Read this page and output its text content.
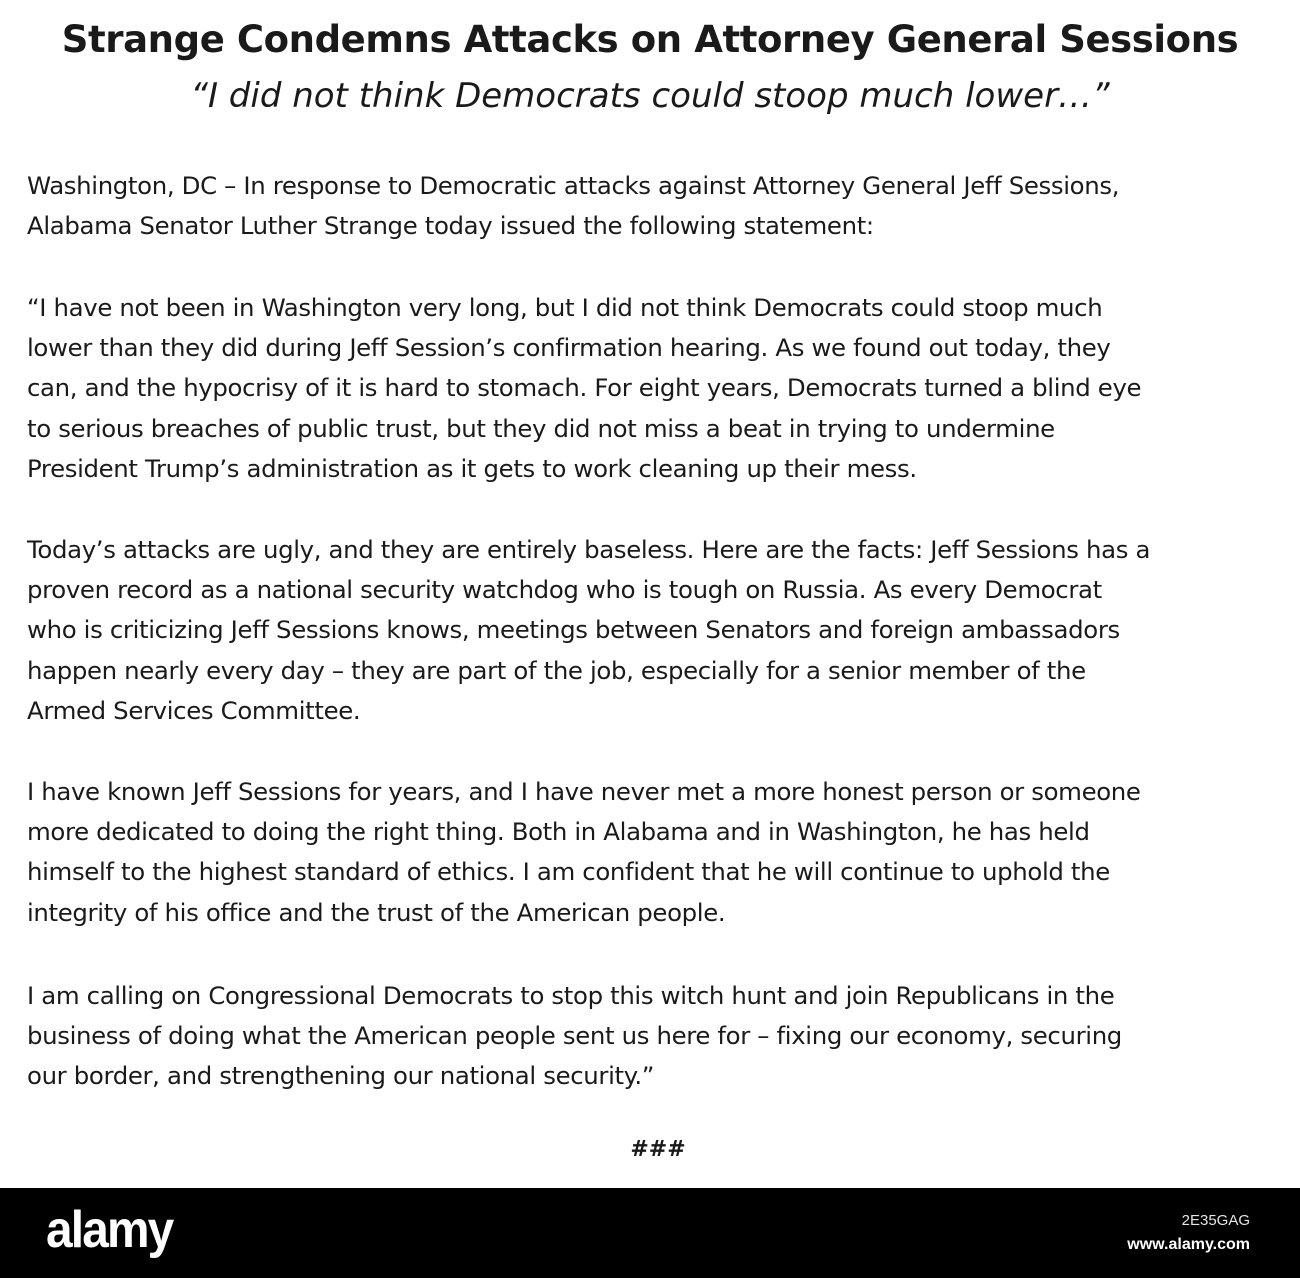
Strange Condemns Attacks on Attorney General Sessions

“I did not think Democrats could stoop much lower…”

Washington, DC – In response to Democratic attacks against Attorney General Jeff Sessions,
Alabama Senator Luther Strange today issued the following statement:

“I have not been in Washington very long, but I did not think Democrats could stoop much
lower than they did during Jeff Session’s confirmation hearing. As we found out today, they
can, and the hypocrisy of it is hard to stomach. For eight years, Democrats turned a blind eye
to serious breaches of public trust, but they did not miss a beat in trying to undermine
President Trump’s administration as it gets to work cleaning up their mess.

Today’s attacks are ugly, and they are entirely baseless. Here are the facts: Jeff Sessions has a
proven record as a national security watchdog who is tough on Russia. As every Democrat
who is criticizing Jeff Sessions knows, meetings between Senators and foreign ambassadors
happen nearly every day – they are part of the job, especially for a senior member of the
Armed Services Committee.

I have known Jeff Sessions for years, and I have never met a more honest person or someone
more dedicated to doing the right thing. Both in Alabama and in Washington, he has held
himself to the highest standard of ethics. I am confident that he will continue to uphold the
integrity of his office and the trust of the American people.

I am calling on Congressional Democrats to stop this witch hunt and join Republicans in the
business of doing what the American people sent us here for – fixing our economy, securing
our border, and strengthening our national security.”

###

alamy	2E35GAG
www.alamy.com
